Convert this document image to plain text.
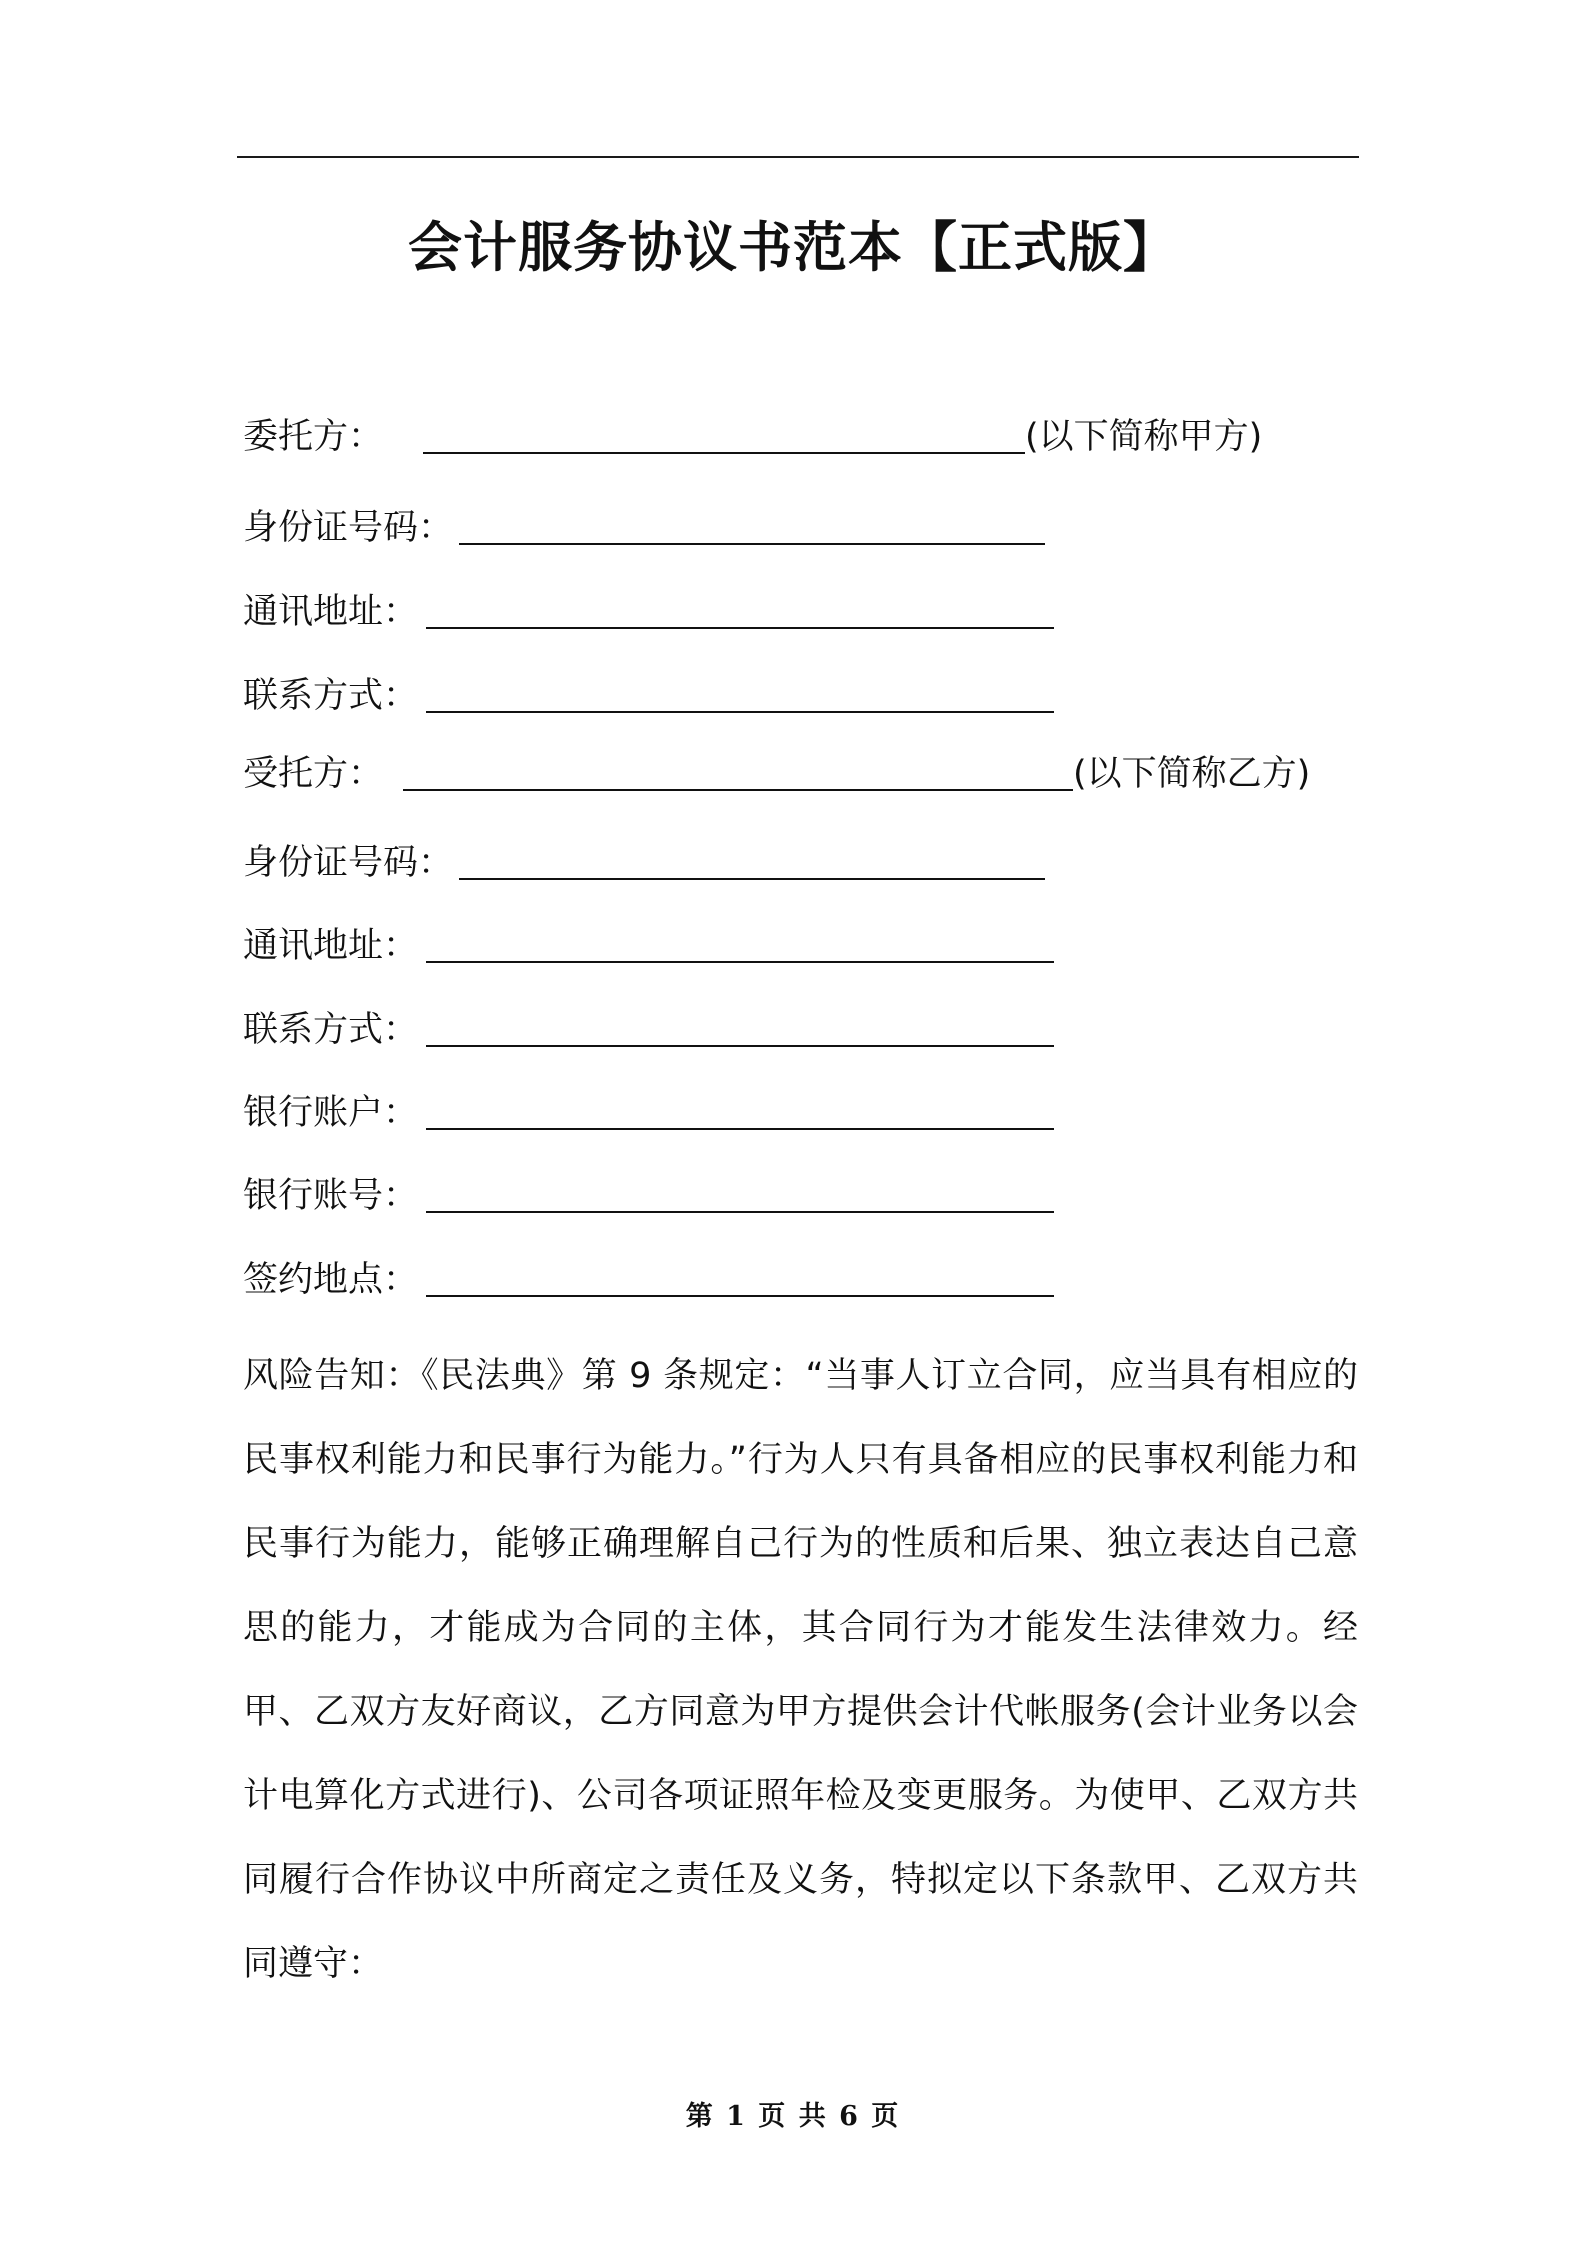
会计服务协议书范本【正式版】
委托方：	(以下简称甲方)
身份证号码：
通讯地址：
联系方式：
受托方：	(以下简称乙方)
身份证号码：
通讯地址：
联系方式：
银行账户：
银行账号：
签约地点：
风险告知：《民法典》第 9 条规定：“当事人订立合同，应当具有相应的民事权利能力和民事行为能力。”行为人只有具备相应的民事权利能力和民事行为能力，能够正确理解自己行为的性质和后果、独立表达自己意思的能力，才能成为合同的主体，其合同行为才能发生法律效力。经甲、乙双方友好商议，乙方同意为甲方提供会计代帐服务(会计业务以会计电算化方式进行)、公司各项证照年检及变更服务。为使甲、乙双方共同履行合作协议中所商定之责任及义务，特拟定以下条款甲、乙双方共同遵守：
第 1 页 共 6 页
